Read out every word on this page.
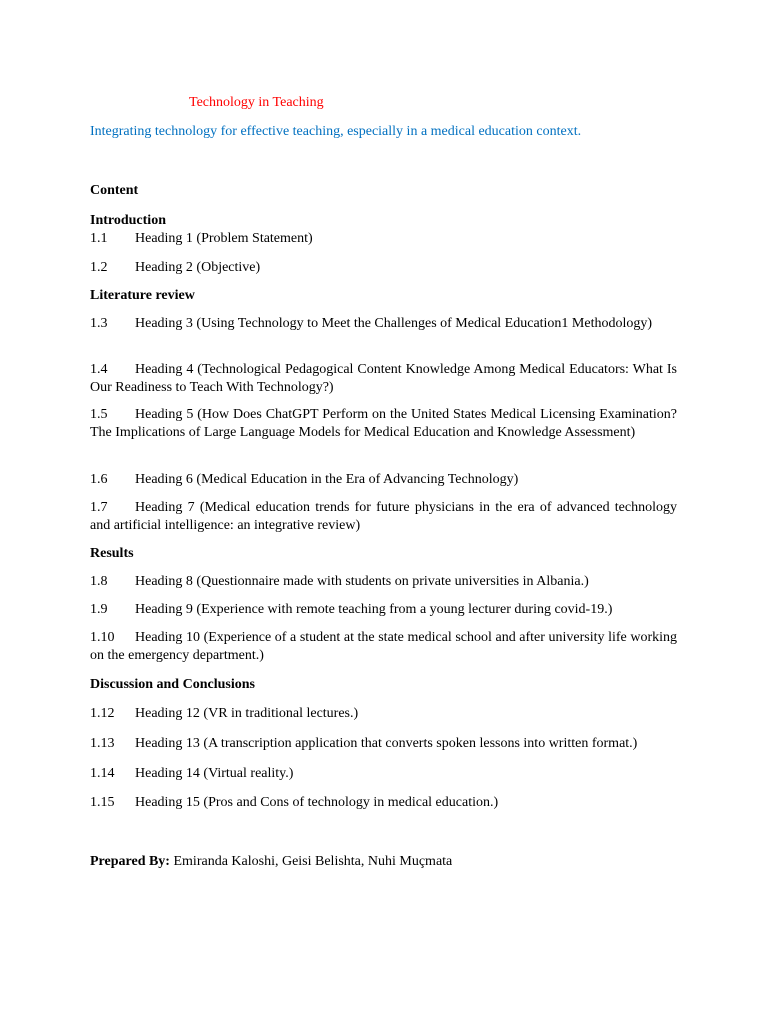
Technology in Teaching
Integrating technology for effective teaching, especially in a medical education context.
Content
Introduction
1.1 Heading 1 (Problem Statement)
1.2 Heading 2 (Objective)
Literature review
1.3 Heading 3 (Using Technology to Meet the Challenges of Medical Education1 Methodology)
1.4 Heading 4 (Technological Pedagogical Content Knowledge Among Medical Educators: What Is Our Readiness to Teach With Technology?)
1.5 Heading 5 (How Does ChatGPT Perform on the United States Medical Licensing Examination? The Implications of Large Language Models for Medical Education and Knowledge Assessment)
1.6 Heading 6 (Medical Education in the Era of Advancing Technology)
1.7 Heading 7 (Medical education trends for future physicians in the era of advanced technology and artificial intelligence: an integrative review)
Results
1.8 Heading 8 (Questionnaire made with students on private universities in Albania.)
1.9 Heading 9 (Experience with remote teaching from a young lecturer during covid-19.)
1.10 Heading 10 (Experience of a student at the state medical school and after university life working on the emergency department.)
Discussion and Conclusions
1.12 Heading 12 (VR in traditional lectures.)
1.13 Heading 13 (A transcription application that converts spoken lessons into written format.)
1.14 Heading 14 (Virtual reality.)
1.15 Heading 15 (Pros and Cons of technology in medical education.)
Prepared By: Emiranda Kaloshi, Geisi Belishta, Nuhi Muçmata
